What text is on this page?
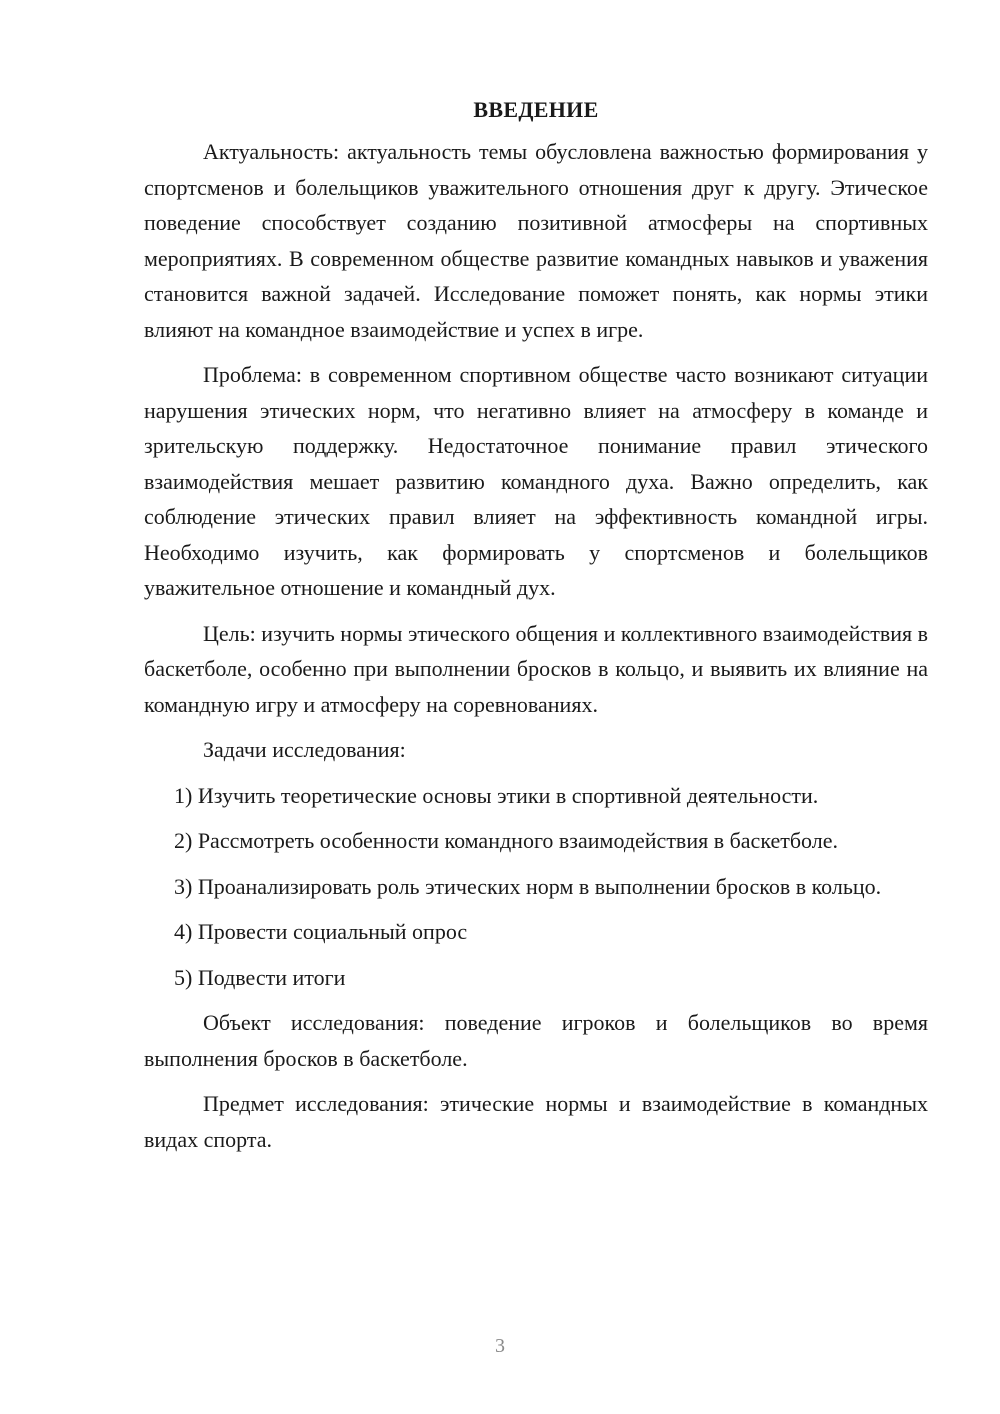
ВВЕДЕНИЕ

Актуальность: актуальность темы обусловлена важностью формирования у спортсменов и болельщиков уважительного отношения друг к другу. Этическое поведение способствует созданию позитивной атмосферы на спортивных мероприятиях. В современном обществе развитие командных навыков и уважения становится важной задачей. Исследование поможет понять, как нормы этики влияют на командное взаимодействие и успех в игре.

Проблема: в современном спортивном обществе часто возникают ситуации нарушения этических норм, что негативно влияет на атмосферу в команде и зрительскую поддержку. Недостаточное понимание правил этического взаимодействия мешает развитию командного духа. Важно определить, как соблюдение этических правил влияет на эффективность командной игры. Необходимо изучить, как формировать у спортсменов и болельщиков уважительное отношение и командный дух.

Цель: изучить нормы этического общения и коллективного взаимодействия в баскетболе, особенно при выполнении бросков в кольцо, и выявить их влияние на командную игру и атмосферу на соревнованиях.

Задачи исследования:

1) Изучить теоретические основы этики в спортивной деятельности.

2) Рассмотреть особенности командного взаимодействия в баскетболе.

3) Проанализировать роль этических норм в выполнении бросков в кольцо.

4) Провести социальный опрос

5) Подвести итоги

Объект исследования: поведение игроков и болельщиков во время выполнения бросков в баскетболе.

Предмет исследования: этические нормы и взаимодействие в командных видах спорта.

3
